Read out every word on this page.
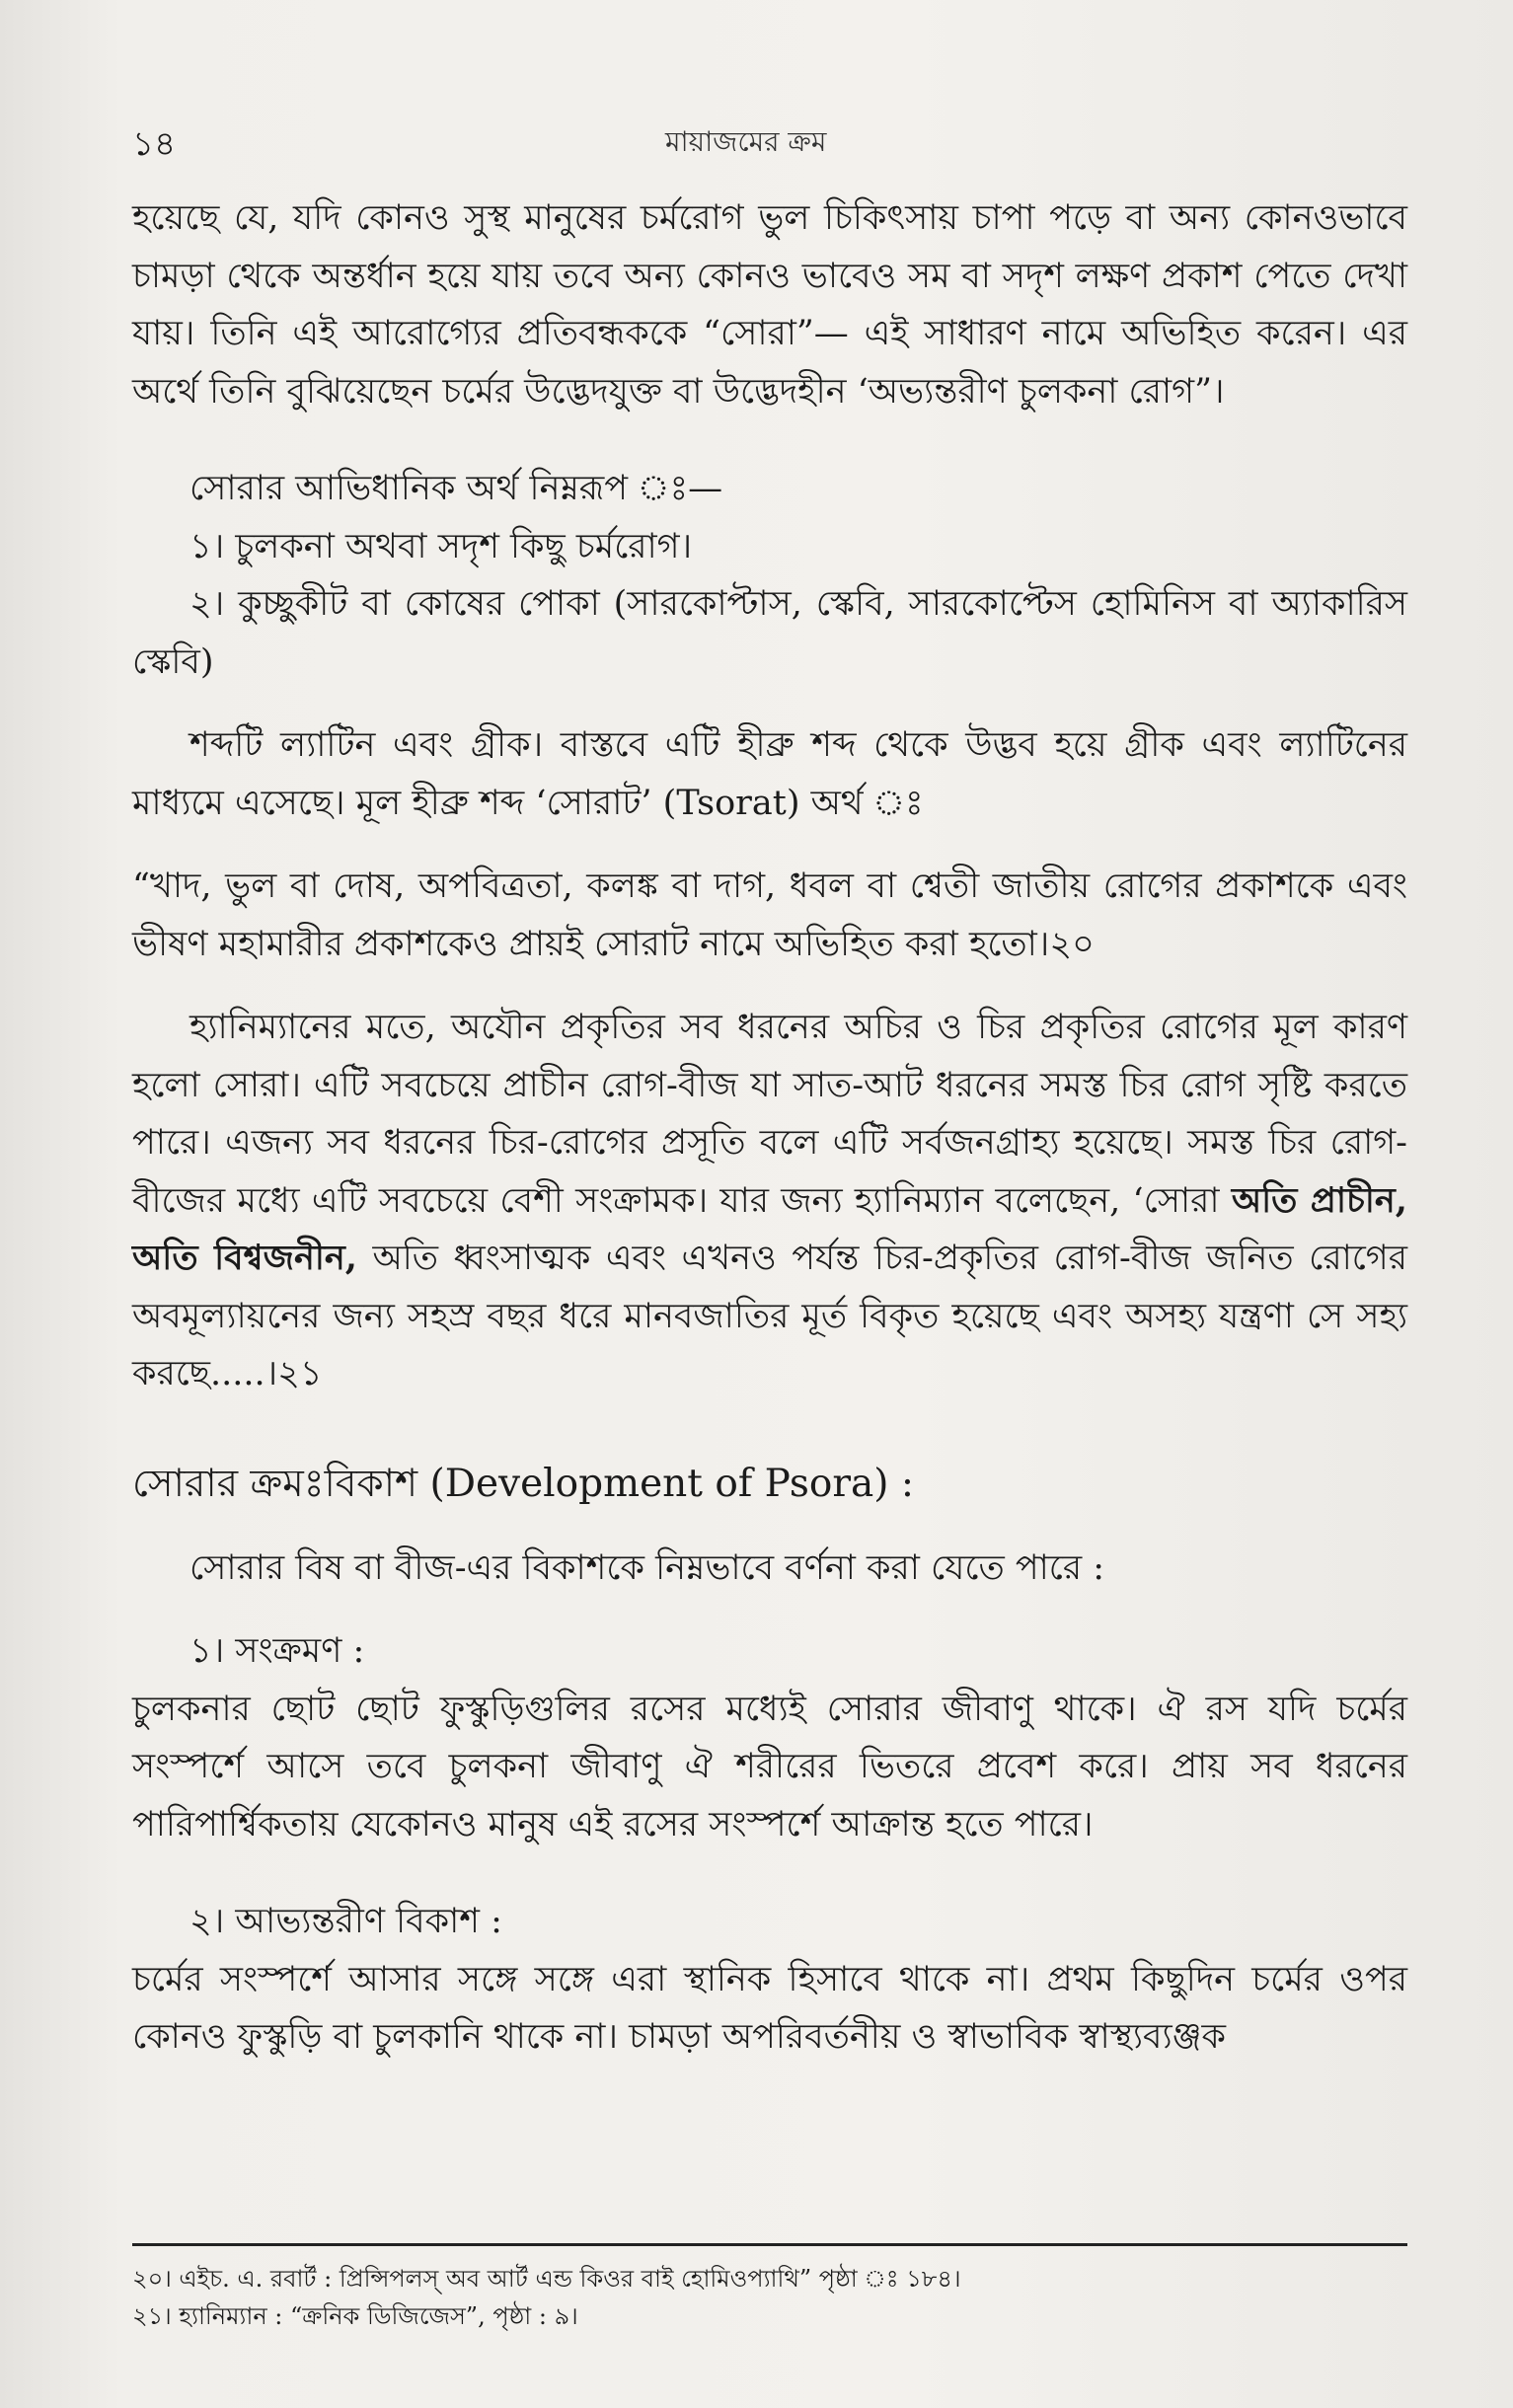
১৪	মায়াজমের ক্রম

হয়েছে যে, যদি কোনও সুস্থ মানুষের চর্মরোগ ভুল চিকিৎসায় চাপা পড়ে বা অন্য কোনওভাবে চামড়া থেকে অন্তর্ধান হয়ে যায় তবে অন্য কোনও ভাবেও সম বা সদৃশ লক্ষণ প্রকাশ পেতে দেখা যায়। তিনি এই আরোগ্যের প্রতিবন্ধককে “সোরা”— এই সাধারণ নামে অভিহিত করেন। এর অর্থে তিনি বুঝিয়েছেন চর্মের উদ্ভেদযুক্ত বা উদ্ভেদহীন ‘অভ্যন্তরীণ চুলকনা রোগ”।

সোরার আভিধানিক অর্থ নিম্নরূপ ঃ—

১। চুলকনা অথবা সদৃশ কিছু চর্মরোগ।

২। কুচ্ছুকীট বা কোষের পোকা (সারকোপ্টাস, স্কেবি, সারকোপ্টেস হোমিনিস বা অ্যাকারিস স্কেবি)

শব্দটি ল্যাটিন এবং গ্রীক। বাস্তবে এটি হীব্রু শব্দ থেকে উদ্ভব হয়ে গ্রীক এবং ল্যাটিনের মাধ্যমে এসেছে। মূল হীব্রু শব্দ ‘সোরাট’ (Tsorat) অর্থ ঃ

“খাদ, ভুল বা দোষ, অপবিত্রতা, কলঙ্ক বা দাগ, ধবল বা শ্বেতী জাতীয় রোগের প্রকাশকে এবং ভীষণ মহামারীর প্রকাশকেও প্রায়ই সোরাট নামে অভিহিত করা হতো।২০

হ্যানিম্যানের মতে, অযৌন প্রকৃতির সব ধরনের অচির ও চির প্রকৃতির রোগের মূল কারণ হলো সোরা। এটি সবচেয়ে প্রাচীন রোগ-বীজ যা সাত-আট ধরনের সমস্ত চির রোগ সৃষ্টি করতে পারে। এজন্য সব ধরনের চির-রোগের প্রসূতি বলে এটি সর্বজনগ্রাহ্য হয়েছে। সমস্ত চির রোগ-বীজের মধ্যে এটি সবচেয়ে বেশী সংক্রামক। যার জন্য হ্যানিম্যান বলেছেন, ‘সোরা অতি প্রাচীন, অতি বিশ্বজনীন, অতি ধ্বংসাত্মক এবং এখনও পর্যন্ত চির-প্রকৃতির রোগ-বীজ জনিত রোগের অবমূল্যায়নের জন্য সহস্র বছর ধরে মানবজাতির মূর্ত বিকৃত হয়েছে এবং অসহ্য যন্ত্রণা সে সহ্য করছে.....।২১

সোরার ক্রমঃবিকাশ (Development of Psora) :

সোরার বিষ বা বীজ-এর বিকাশকে নিম্নভাবে বর্ণনা করা যেতে পারে :

১। সংক্রমণ :

চুলকনার ছোট ছোট ফুস্কুড়িগুলির রসের মধ্যেই সোরার জীবাণু থাকে। ঐ রস যদি চর্মের সংস্পর্শে আসে তবে চুলকনা জীবাণু ঐ শরীরের ভিতরে প্রবেশ করে। প্রায় সব ধরনের পারিপার্শ্বিকতায় যেকোনও মানুষ এই রসের সংস্পর্শে আক্রান্ত হতে পারে।

২। আভ্যন্তরীণ বিকাশ :

চর্মের সংস্পর্শে আসার সঙ্গে সঙ্গে এরা স্থানিক হিসাবে থাকে না। প্রথম কিছুদিন চর্মের ওপর কোনও ফুস্কুড়ি বা চুলকানি থাকে না। চামড়া অপরিবর্তনীয় ও স্বাভাবিক স্বাস্থ্যব্যঞ্জক

২০। এইচ. এ. রবার্ট : প্রিন্সিপলস্ অব আর্ট এন্ড কিওর বাই হোমিওপ্যাথি” পৃষ্ঠা ঃ ১৮৪।

২১। হ্যানিম্যান : “ক্রনিক ডিজিজেস”, পৃষ্ঠা : ৯।
